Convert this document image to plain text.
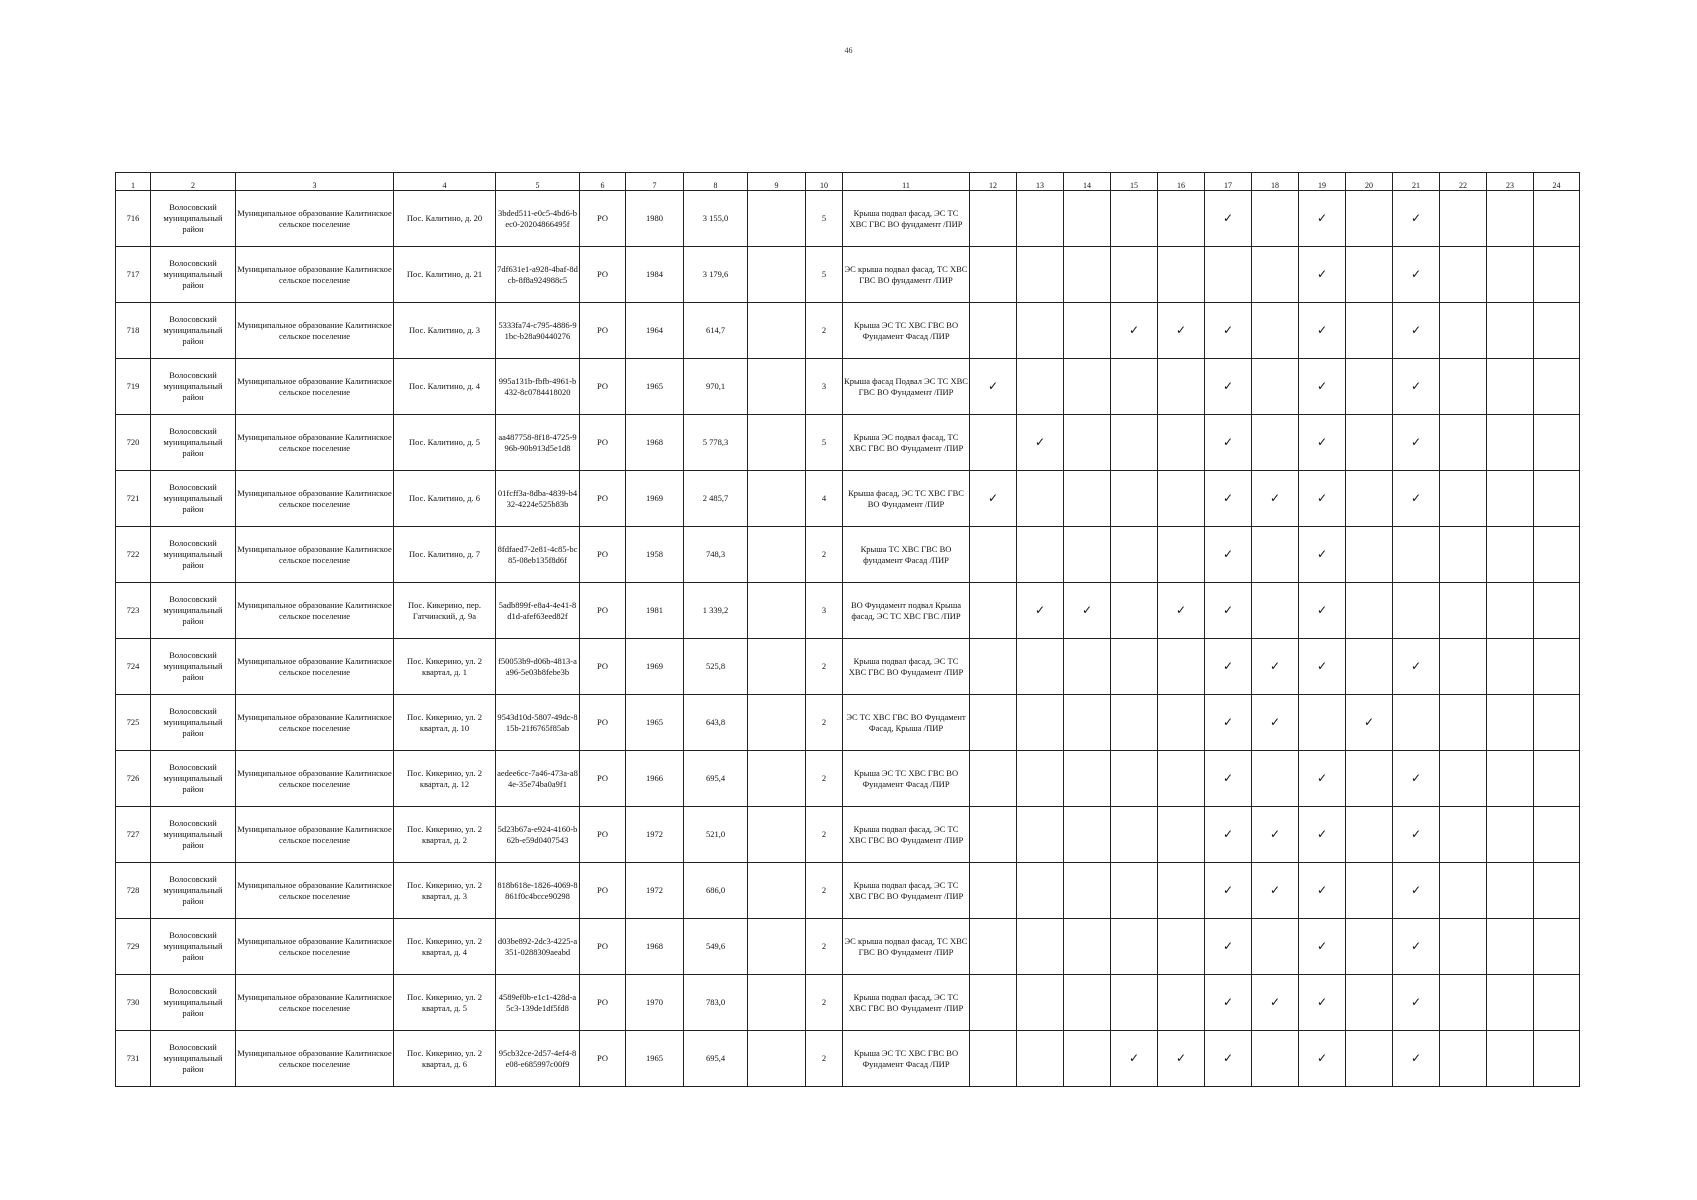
46
1	2	3	4	5	6	7	8	9	10	11	12	13	14	15	16	17	18	19	20	21	22	23	24
716	Волосовский муниципальный район	Муниципальное образование Калитинское сельское поселение	Пос. Калитино, д. 20	3bded511-e0c5-4bd6-bec0-20204866495f	РО	1980	3 155,0		5	Крыша подвал фасад, ЭС ТС ХВС ГВС ВО фундамент /ПИР						✓		✓		✓			
717	Волосовский муниципальный район	Муниципальное образование Калитинское сельское поселение	Пос. Калитино, д. 21	7df631e1-a928-4baf-8dcb-8f8a924988c5	РО	1984	3 179,6		5	ЭС крыша подвал фасад, ТС ХВС ГВС ВО фундамент /ПИР								✓		✓			
718	Волосовский муниципальный район	Муниципальное образование Калитинское сельское поселение	Пос. Калитино, д. 3	5333fa74-c795-4886-91bc-b28a90440276	РО	1964	614,7		2	Крыша ЭС ТС ХВС ГВС ВО Фундамент Фасад /ПИР				✓	✓	✓		✓		✓			
719	Волосовский муниципальный район	Муниципальное образование Калитинское сельское поселение	Пос. Калитино, д. 4	995a131b-fbfb-4961-b432-8c0784418020	РО	1965	970,1		3	Крыша фасад Подвал ЭС ТС ХВС ГВС ВО Фундамент /ПИР	✓					✓		✓		✓			
720	Волосовский муниципальный район	Муниципальное образование Калитинское сельское поселение	Пос. Калитино, д. 5	aa487758-8f18-4725-996b-90b913d5e1d8	РО	1968	5 778,3		5	Крыша ЭС подвал фасад, ТС ХВС ГВС ВО Фундамент /ПИР		✓				✓		✓		✓			
721	Волосовский муниципальный район	Муниципальное образование Калитинское сельское поселение	Пос. Калитино, д. 6	01fcff3a-8dba-4839-b432-4224e525b83b	РО	1969	2 485,7		4	Крыша фасад, ЭС ТС ХВС ГВС ВО Фундамент /ПИР	✓					✓	✓	✓		✓			
722	Волосовский муниципальный район	Муниципальное образование Калитинское сельское поселение	Пос. Калитино, д. 7	8fdfaed7-2e81-4c85-bc85-08eb135f8d6f	РО	1958	748,3		2	Крыша ТС ХВС ГВС ВО фундамент Фасад /ПИР						✓		✓					
723	Волосовский муниципальный район	Муниципальное образование Калитинское сельское поселение	Пос. Кикерино, пер. Гатчинский, д. 9а	5adb899f-e8a4-4e41-8d1d-afef63eed82f	РО	1981	1 339,2		3	ВО Фундамент подвал Крыша фасад, ЭС ТС ХВС ГВС /ПИР		✓	✓		✓	✓		✓					
724	Волосовский муниципальный район	Муниципальное образование Калитинское сельское поселение	Пос. Кикерино, ул. 2 квартал, д. 1	f50053b9-d06b-4813-aa96-5e03b8febe3b	РО	1969	525,8		2	Крыша подвал фасад, ЭС ТС ХВС ГВС ВО Фундамент /ПИР						✓	✓	✓		✓			
725	Волосовский муниципальный район	Муниципальное образование Калитинское сельское поселение	Пос. Кикерино, ул. 2 квартал, д. 10	9543d10d-5807-49dc-815b-21f6765f85ab	РО	1965	643,8		2	ЭС ТС ХВС ГВС ВО Фундамент Фасад, Крыша /ПИР						✓	✓		✓				
726	Волосовский муниципальный район	Муниципальное образование Калитинское сельское поселение	Пос. Кикерино, ул. 2 квартал, д. 12	aedee6cc-7a46-473a-a84e-35e74ba0a9f1	РО	1966	695,4		2	Крыша ЭС ТС ХВС ГВС ВО Фундамент Фасад /ПИР						✓		✓		✓			
727	Волосовский муниципальный район	Муниципальное образование Калитинское сельское поселение	Пос. Кикерино, ул. 2 квартал, д. 2	5d23b67a-e924-4160-b62b-e59d0407543	РО	1972	521,0		2	Крыша подвал фасад, ЭС ТС ХВС ГВС ВО Фундамент /ПИР						✓	✓	✓		✓			
728	Волосовский муниципальный район	Муниципальное образование Калитинское сельское поселение	Пос. Кикерино, ул. 2 квартал, д. 3	818b618e-1826-4069-8861f0c4bcce90298	РО	1972	686,0		2	Крыша подвал фасад, ЭС ТС ХВС ГВС ВО Фундамент /ПИР						✓	✓	✓		✓			
729	Волосовский муниципальный район	Муниципальное образование Калитинское сельское поселение	Пос. Кикерино, ул. 2 квартал, д. 4	d03be892-2dc3-4225-a351-0288309aeabd	РО	1968	549,6		2	ЭС крыша подвал фасад, ТС ХВС ГВС ВО Фундамент /ПИР						✓		✓		✓			
730	Волосовский муниципальный район	Муниципальное образование Калитинское сельское поселение	Пос. Кикерино, ул. 2 квартал, д. 5	4589ef0b-e1c1-428d-a5c3-139de1df5fd8	РО	1970	783,0		2	Крыша подвал фасад, ЭС ТС ХВС ГВС ВО Фундамент /ПИР						✓	✓	✓		✓			
731	Волосовский муниципальный район	Муниципальное образование Калитинское сельское поселение	Пос. Кикерино, ул. 2 квартал, д. 6	95cb32ce-2d57-4ef4-8e08-e685997c00f9	РО	1965	695,4		2	Крыша ЭС ТС ХВС ГВС ВО Фундамент Фасад /ПИР				✓	✓	✓		✓		✓			
